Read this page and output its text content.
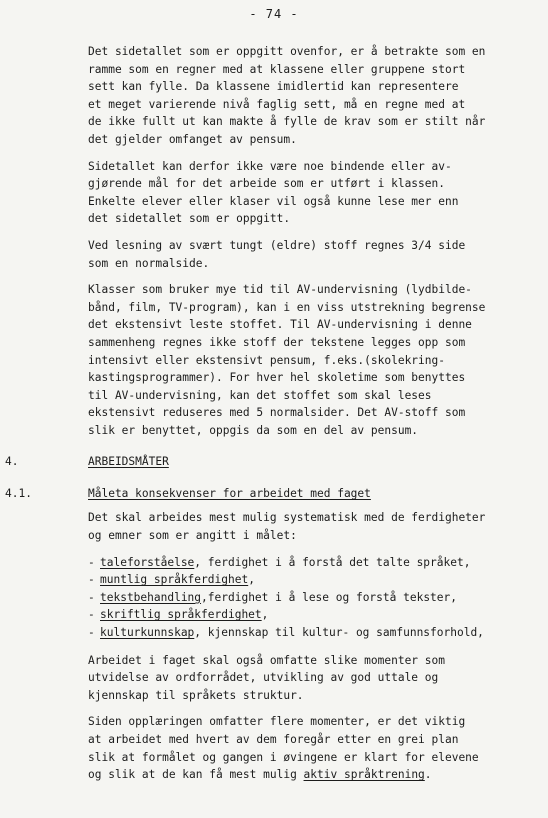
- 74 -

Det sidetallet som er oppgitt ovenfor, er å betrakte som en

ramme som en regner med at klassene eller gruppene stort

sett kan fylle. Da klassene imidlertid kan representere

et meget varierende nivå faglig sett, må en regne med at

de ikke fullt ut kan makte å fylle de krav som er stilt når

det gjelder omfanget av pensum.

Sidetallet kan derfor ikke være noe bindende eller av-

gjørende mål for det arbeide som er utført i klassen.

Enkelte elever eller klaser vil også kunne lese mer enn

det sidetallet som er oppgitt.

Ved lesning av svært tungt (eldre) stoff regnes 3/4 side

som en normalside.

Klasser som bruker mye tid til AV-undervisning (lydbilde-

bånd, film, TV-program), kan i en viss utstrekning begrense

det ekstensivt leste stoffet. Til AV-undervisning i denne

sammenheng regnes ikke stoff der tekstene legges opp som

intensivt eller ekstensivt pensum, f.eks.(skolekring-

kastingsprogrammer). For hver hel skoletime som benyttes

til AV-undervisning, kan det stoffet som skal leses

ekstensivt reduseres med 5 normalsider. Det AV-stoff som

slik er benyttet, oppgis da som en del av pensum.

4.	ARBEIDSMÅTER
4.1.	Måleta konsekvenser for arbeidet med faget

Det skal arbeides mest mulig systematisk med de ferdigheter

og emner som er angitt i målet:

- taleforståelse, ferdighet i å forstå det talte språket,
- muntlig språkferdighet,
- tekstbehandling,ferdighet i å lese og forstå tekster,
- skriftlig språkferdighet,
- kulturkunnskap, kjennskap til kultur- og samfunnsforhold,

Arbeidet i faget skal også omfatte slike momenter som

utvidelse av ordforrådet, utvikling av god uttale og

kjennskap til språkets struktur.

Siden opplæringen omfatter flere momenter, er det viktig

at arbeidet med hvert av dem foregår etter en grei plan

slik at formålet og gangen i øvingene er klart for elevene

og slik at de kan få mest mulig aktiv språktrening.
